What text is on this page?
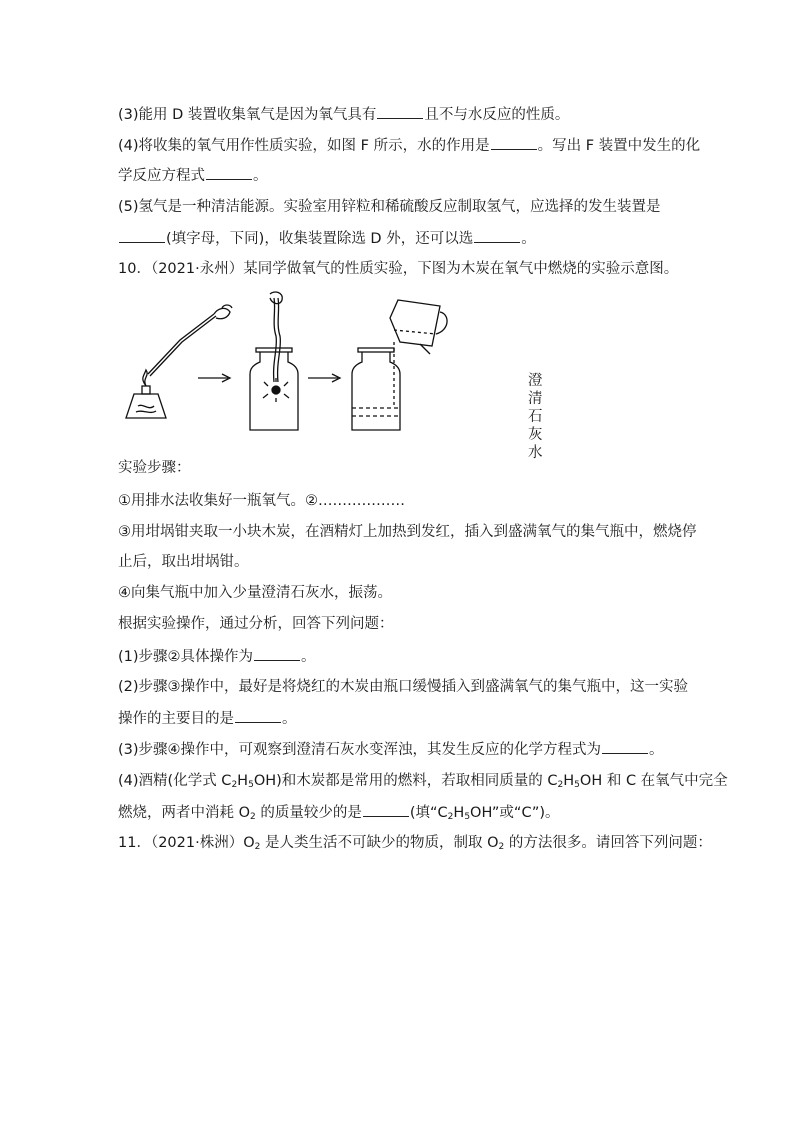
(3)能用 D 装置收集氧气是因为氧气具有	且不与水反应的性质。
(4)将收集的氧气用作性质实验，如图 F 所示，水的作用是	。写出 F 装置中发生的化
学反应方程式	。
(5)氢气是一种清洁能源。实验室用锌粒和稀硫酸反应制取氢气，应选择的发生装置是
(填字母，下同)，收集装置除选 D 外，还可以选	。
10．（2021·永州）某同学做氧气的性质实验，下图为木炭在氧气中燃烧的实验示意图。
澄清
石灰
水
实验步骤：
①用排水法收集好一瓶氧气。②………………
③用坩埚钳夹取一小块木炭，在酒精灯上加热到发红，插入到盛满氧气的集气瓶中，燃烧停
止后，取出坩埚钳。
④向集气瓶中加入少量澄清石灰水，振荡。
根据实验操作，通过分析，回答下列问题：
(1)步骤②具体操作为	。
(2)步骤③操作中，最好是将烧红的木炭由瓶口缓慢插入到盛满氧气的集气瓶中，这一实验
操作的主要目的是	。
(3)步骤④操作中，可观察到澄清石灰水变浑浊，其发生反应的化学方程式为	。
(4)酒精(化学式 $C_2H_5OH$)和木炭都是常用的燃料，若取相同质量的 $C_2H_5OH$ 和 C 在氧气中完全
燃烧，两者中消耗 $O_2$ 的质量较少的是	(填“$C_2H_5OH$”或“C”)。
11．（2021·株洲）$O_2$ 是人类生活不可缺少的物质，制取 $O_2$ 的方法很多。请回答下列问题：
